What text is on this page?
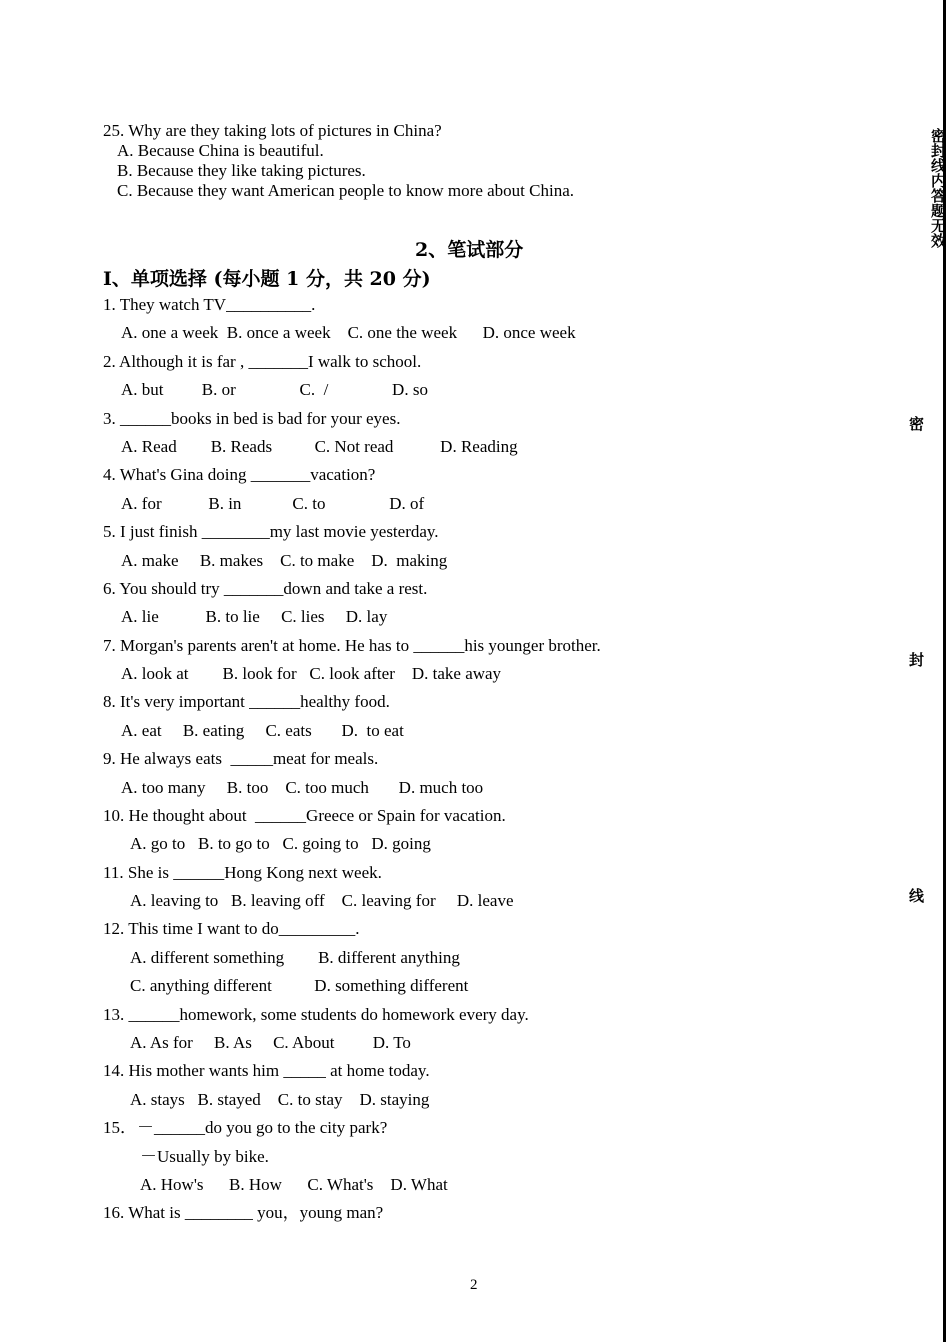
25. Why are they taking lots of pictures in China?
A. Because China is beautiful.
B. Because they like taking pictures.
C. Because they want American people to know more about China.
2、笔试部分
I、单项选择 (每小题 1 分，共 20 分)
1. They watch TV__________.
A. one a week  B. once a week    C. one the week      D. once week
2. Although it is far , _______I walk to school.
A. but         B. or               C.  /               D. so
3. ______books in bed is bad for your eyes.
A. Read        B. Reads          C. Not read           D. Reading
4. What's Gina doing _______vacation?
A. for           B. in            C. to               D. of
5. I just finish ________my last movie yesterday.
A. make     B. makes    C. to make    D.  making
6. You should try _______down and take a rest.
A. lie           B. to lie     C. lies     D. lay
7. Morgan's parents aren't at home. He has to ______his younger brother.
A. look at        B. look for   C. look after    D. take away
8. It's very important ______healthy food.
A. eat     B. eating     C. eats       D.  to eat
9. He always eats  _____meat for meals.
A. too many     B. too    C. too much       D. much too
10. He thought about  ______Greece or Spain for vacation.
A. go to   B. to go to   C. going to   D. going
11. She is ______Hong Kong next week.
A. leaving to   B. leaving off    C. leaving for     D. leave
12. This time I want to do_________.
A. different something        B. different anything
C. anything different          D. something different
13. ______homework, some students do homework every day.
A. As for     B. As     C. About         D. To
14. His mother wants him _____ at home today.
A. stays   B. stayed    C. to stay    D. staying
15．－______do you go to the city park?
－Usually by bike.
A. How's      B. How      C. What's    D. What
16. What is ________ you，young man?
2
密封线内答题无效
密
封
线
